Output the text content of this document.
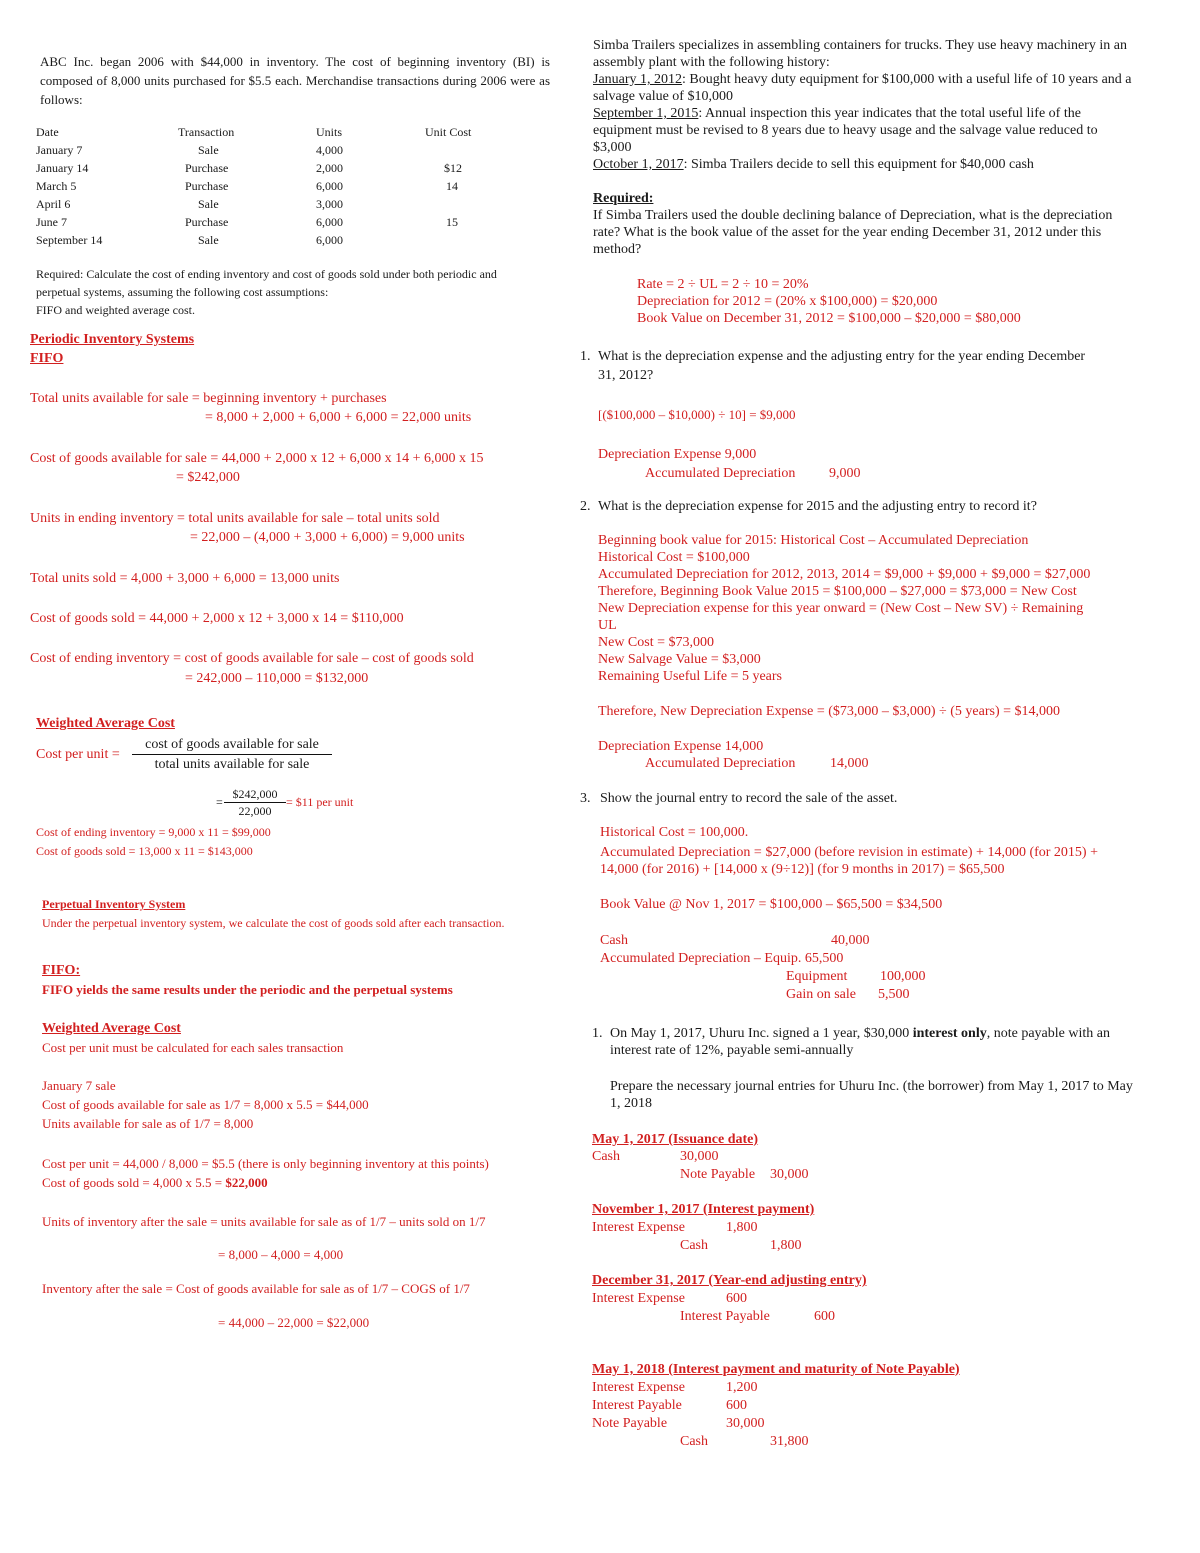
ABC Inc. began 2006 with $44,000 in inventory. The cost of beginning inventory (BI) is composed of 8,000 units purchased for $5.5 each. Merchandise transactions during 2006 were as follows:
Date	Transaction	Units	Unit Cost
January 7	Sale	4,000
January 14	Purchase	2,000	$12
March 5	Purchase	6,000	14
April 6	Sale	3,000
June 7	Purchase	6,000	15
September 14	Sale	6,000
Required: Calculate the cost of ending inventory and cost of goods sold under both periodic and
perpetual systems, assuming the following cost assumptions:
FIFO and weighted average cost.
Periodic Inventory Systems
FIFO
Total units available for sale = beginning inventory + purchases
= 8,000 + 2,000 + 6,000 + 6,000 = 22,000 units
Cost of goods available for sale = 44,000 + 2,000 x 12 + 6,000 x 14 + 6,000 x 15
= $242,000
Units in ending inventory = total units available for sale – total units sold
= 22,000 – (4,000 + 3,000 + 6,000) = 9,000 units
Total units sold = 4,000 + 3,000 + 6,000 = 13,000 units
Cost of goods sold = 44,000 + 2,000 x 12 + 3,000 x 14 = $110,000
Cost of ending inventory = cost of goods available for sale – cost of goods sold
= 242,000 – 110,000 = $132,000
Weighted Average Cost
Cost per unit =
cost of goods available for sale
total units available for sale
=
$242,000
22,000
= $11 per unit
Cost of ending inventory = 9,000 x 11 = $99,000
Cost of goods sold = 13,000 x 11 = $143,000
Perpetual Inventory System
Under the perpetual inventory system, we calculate the cost of goods sold after each transaction.
FIFO:
FIFO yields the same results under the periodic and the perpetual systems
Weighted Average Cost
Cost per unit must be calculated for each sales transaction
January 7 sale
Cost of goods available for sale as 1/7 = 8,000 x 5.5 = $44,000
Units available for sale as of 1/7 = 8,000
Cost per unit = 44,000 / 8,000 = $5.5 (there is only beginning inventory at this points)
Cost of goods sold = 4,000 x 5.5 = $22,000
Units of inventory after the sale = units available for sale as of 1/7 – units sold on 1/7
= 8,000 – 4,000 = 4,000
Inventory after the sale = Cost of goods available for sale as of 1/7 – COGS of 1/7
= 44,000 – 22,000 = $22,000
Simba Trailers specializes in assembling containers for trucks. They use heavy machinery in an
assembly plant with the following history:
January 1, 2012: Bought heavy duty equipment for $100,000 with a useful life of 10 years and a
salvage value of $10,000
September 1, 2015: Annual inspection this year indicates that the total useful life of the
equipment must be revised to 8 years due to heavy usage and the salvage value reduced to
$3,000
October 1, 2017: Simba Trailers decide to sell this equipment for $40,000 cash
Required:
If Simba Trailers used the double declining balance of Depreciation, what is the depreciation
rate? What is the book value of the asset for the year ending December 31, 2012 under this
method?
Rate = 2 ÷ UL = 2 ÷ 10 = 20%
Depreciation for 2012 = (20% x $100,000) = $20,000
Book Value on December 31, 2012 = $100,000 – $20,000 = $80,000
1. What is the depreciation expense and the adjusting entry for the year ending December
31, 2012?
[($100,000 – $10,000) ÷ 10] = $9,000
Depreciation Expense 9,000
Accumulated Depreciation 9,000
2. What is the depreciation expense for 2015 and the adjusting entry to record it?
Beginning book value for 2015: Historical Cost – Accumulated Depreciation
Historical Cost = $100,000
Accumulated Depreciation for 2012, 2013, 2014 = $9,000 + $9,000 + $9,000 = $27,000
Therefore, Beginning Book Value 2015 = $100,000 – $27,000 = $73,000 = New Cost
New Depreciation expense for this year onward = (New Cost – New SV) ÷ Remaining
UL
New Cost = $73,000
New Salvage Value = $3,000
Remaining Useful Life = 5 years
Therefore, New Depreciation Expense = ($73,000 – $3,000) ÷ (5 years) = $14,000
Depreciation Expense 14,000
Accumulated Depreciation 14,000
3. Show the journal entry to record the sale of the asset.
Historical Cost = 100,000.
Accumulated Depreciation = $27,000 (before revision in estimate) + 14,000 (for 2015) +
14,000 (for 2016) + [14,000 x (9÷12)] (for 9 months in 2017) = $65,500
Book Value @ Nov 1, 2017 = $100,000 – $65,500 = $34,500
Cash	40,000
Accumulated Depreciation – Equip. 65,500
Equipment 100,000
Gain on sale 5,500
1. On May 1, 2017, Uhuru Inc. signed a 1 year, $30,000 interest only, note payable with an
interest rate of 12%, payable semi-annually
Prepare the necessary journal entries for Uhuru Inc. (the borrower) from May 1, 2017 to May
1, 2018
May 1, 2017 (Issuance date)
Cash	30,000
Note Payable 30,000
November 1, 2017 (Interest payment)
Interest Expense	1,800
Cash	1,800
December 31, 2017 (Year-end adjusting entry)
Interest Expense	600
Interest Payable	600
May 1, 2018 (Interest payment and maturity of Note Payable)
Interest Expense	1,200
Interest Payable	600
Note Payable	30,000
Cash	31,800
